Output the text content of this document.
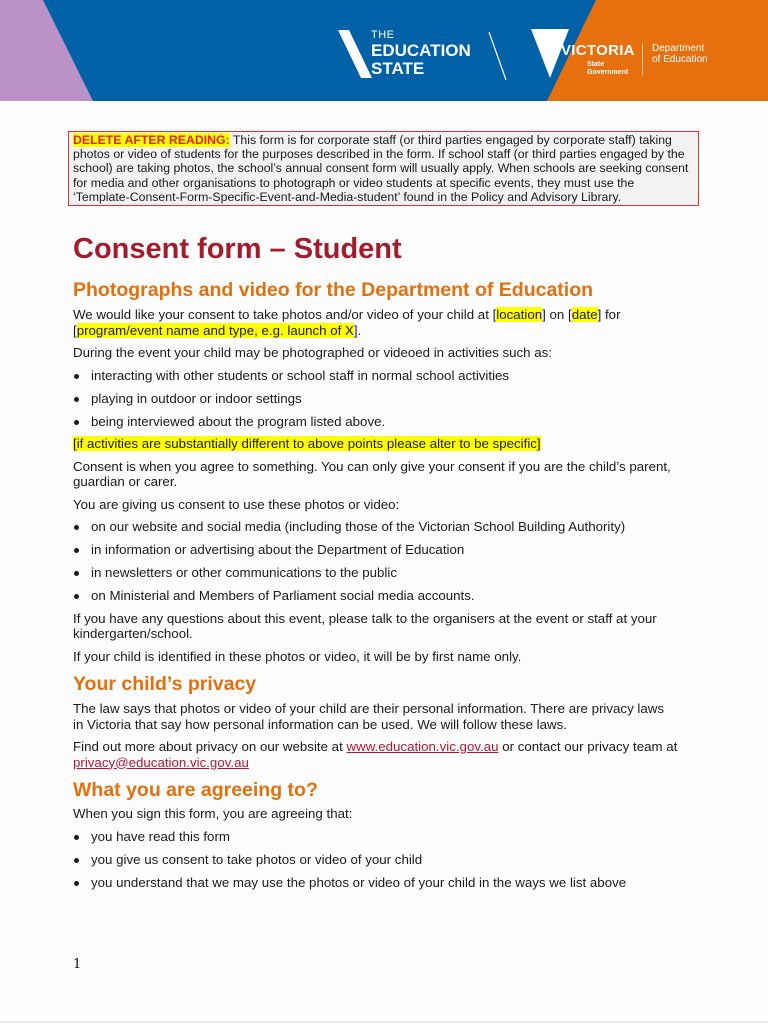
THE
EDUCATION
STATE
VICTORIA
State
Government
Department
of Education
DELETE AFTER READING: This form is for corporate staff (or third parties engaged by corporate staff) taking photos or video of students for the purposes described in the form. If school staff (or third parties engaged by the school) are taking photos, the school’s annual consent form will usually apply. When schools are seeking consent for media and other organisations to photograph or video students at specific events, they must use the ‘Template-Consent-Form-Specific-Event-and-Media-student’ found in the Policy and Advisory Library.
Consent form – Student
Photographs and video for the Department of Education

We would like your consent to take photos and/or video of your child at [location] on [date] for [program/event name and type, e.g. launch of X].

During the event your child may be photographed or videoed in activities such as:

interacting with other students or school staff in normal school activities
playing in outdoor or indoor settings
being interviewed about the program listed above.

[if activities are substantially different to above points please alter to be specific]

Consent is when you agree to something. You can only give your consent if you are the child’s parent, guardian or carer.

You are giving us consent to use these photos or video:

on our website and social media (including those of the Victorian School Building Authority)
in information or advertising about the Department of Education
in newsletters or other communications to the public
on Ministerial and Members of Parliament social media accounts.

If you have any questions about this event, please talk to the organisers at the event or staff at your kindergarten/school.

If your child is identified in these photos or video, it will be by first name only.

Your child’s privacy

The law says that photos or video of your child are their personal information. There are privacy laws in Victoria that say how personal information can be used. We will follow these laws.

Find out more about privacy on our website at www.education.vic.gov.au or contact our privacy team at privacy@education.vic.gov.au

What you are agreeing to?

When you sign this form, you are agreeing that:

you have read this form
you give us consent to take photos or video of your child
you understand that we may use the photos or video of your child in the ways we list above
1
